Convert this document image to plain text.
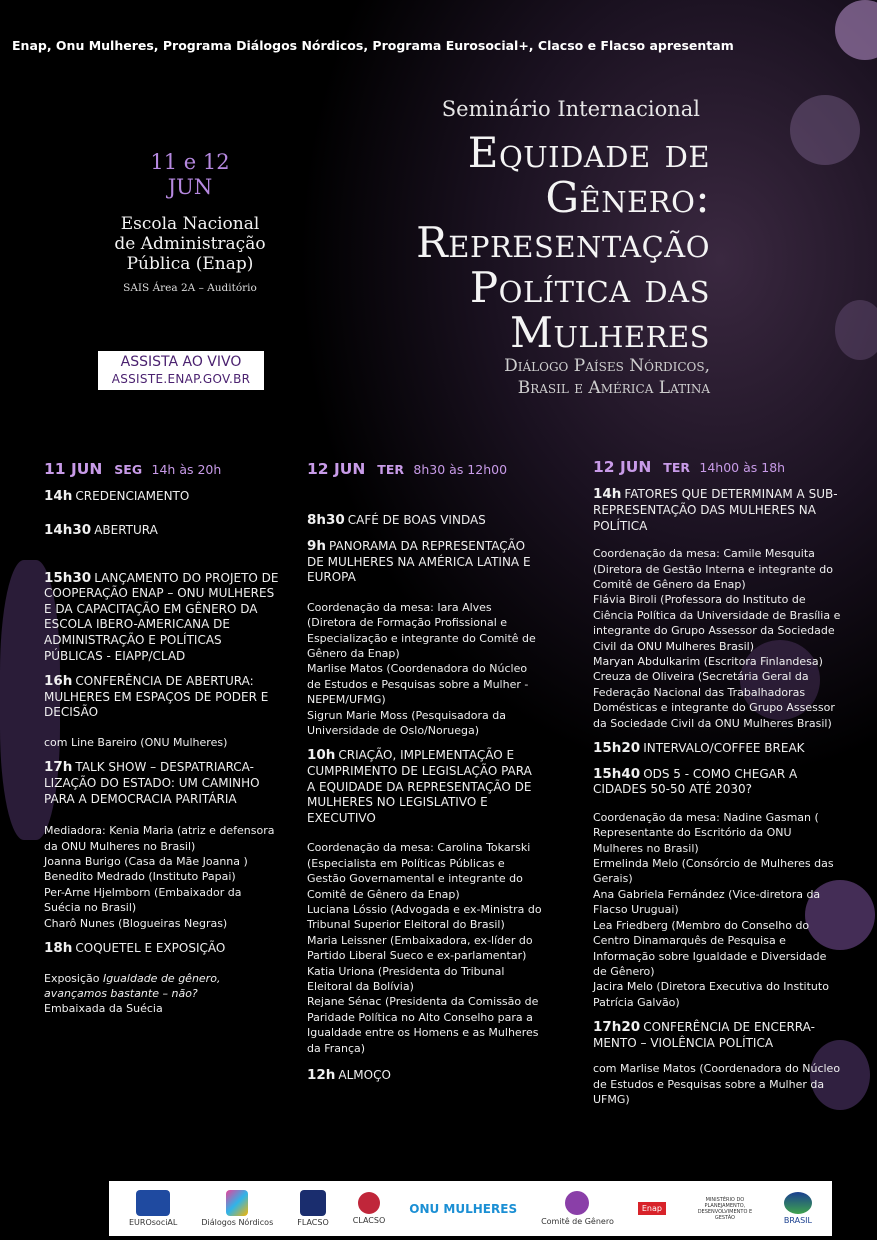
Enap, Onu Mulheres, Programa Diálogos Nórdicos, Programa Eurosocial+, Clacso e Flacso apresentam
11 e 12
JUN
Escola Nacional
de Administração
Pública (Enap)
SAIS Área 2A – Auditório
ASSISTA AO VIVO
ASSISTE.ENAP.GOV.BR
Seminário Internacional
Equidade de
Gênero:
Representação
Política das
Mulheres
Diálogo Países Nórdicos,
Brasil e América Latina
11 JUN SEG 14h às 20h
14h CREDENCIAMENTO
14h30 ABERTURA
15h30 LANÇAMENTO DO PROJETO DE COOPERAÇÃO ENAP – ONU MULHERES E DA CAPACITAÇÃO EM GÊNERO DA ESCOLA IBERO-AMERICANA DE ADMINISTRAÇÃO E POLÍTICAS PÚBLICAS - EIAPP/CLAD
16h CONFERÊNCIA DE ABERTURA: MULHERES EM ESPAÇOS DE PODER E DECISÃO
com Line Bareiro (ONU Mulheres)
17h TALK SHOW – DESPATRIARCA-LIZAÇÃO DO ESTADO: UM CAMINHO PARA A DEMOCRACIA PARITÁRIA
Mediadora: Kenia Maria (atriz e defensora da ONU Mulheres no Brasil)
Joanna Burigo (Casa da Mãe Joanna )
Benedito Medrado (Instituto Papai)
Per-Arne Hjelmborn (Embaixador da Suécia no Brasil)
Charô Nunes (Blogueiras Negras)
18h COQUETEL E EXPOSIÇÃO
Exposição Igualdade de gênero, avançamos bastante – não?
Embaixada da Suécia
12 JUN TER 8h30 às 12h00
8h30 CAFÉ DE BOAS VINDAS
9h PANORAMA DA REPRESENTAÇÃO DE MULHERES NA AMÉRICA LATINA E EUROPA
Coordenação da mesa: Iara Alves (Diretora de Formação Profissional e Especialização e integrante do Comitê de Gênero da Enap)
Marlise Matos (Coordenadora do Núcleo de Estudos e Pesquisas sobre a Mulher - NEPEM/UFMG)
Sigrun Marie Moss (Pesquisadora da Universidade de Oslo/Noruega)
10h CRIAÇÃO, IMPLEMENTAÇÃO E CUMPRIMENTO DE LEGISLAÇÃO PARA A EQUIDADE DA REPRESENTAÇÃO DE MULHERES NO LEGISLATIVO E EXECUTIVO
Coordenação da mesa: Carolina Tokarski (Especialista em Políticas Públicas e Gestão Governamental e integrante do Comitê de Gênero da Enap)
Luciana Lóssio (Advogada e ex-Ministra do Tribunal Superior Eleitoral do Brasil)
Maria Leissner (Embaixadora, ex-líder do Partido Liberal Sueco e ex-parlamentar)
Katia Uriona (Presidenta do Tribunal Eleitoral da Bolívia)
Rejane Sénac (Presidenta da Comissão de Paridade Política no Alto Conselho para a Igualdade entre os Homens e as Mulheres da França)
12h ALMOÇO
12 JUN TER 14h00 às 18h
14h FATORES QUE DETERMINAM A SUB-REPRESENTAÇÃO DAS MULHERES NA POLÍTICA
Coordenação da mesa: Camile Mesquita (Diretora de Gestão Interna e integrante do Comitê de Gênero da Enap)
Flávia Biroli (Professora do Instituto de Ciência Política da Universidade de Brasília e integrante do Grupo Assessor da Sociedade Civil da ONU Mulheres Brasil)
Maryan Abdulkarim (Escritora Finlandesa)
Creuza de Oliveira (Secretária Geral da Federação Nacional das Trabalhadoras Domésticas e integrante do Grupo Assessor da Sociedade Civil da ONU Mulheres Brasil)
15h20 INTERVALO/COFFEE BREAK
15h40 ODS 5 - COMO CHEGAR A CIDADES 50-50 ATÉ 2030?
Coordenação da mesa: Nadine Gasman ( Representante do Escritório da ONU Mulheres no Brasil)
Ermelinda Melo (Consórcio de Mulheres das Gerais)
Ana Gabriela Fernández (Vice-diretora da Flacso Uruguai)
Lea Friedberg (Membro do Conselho do Centro Dinamarquês de Pesquisa e Informação sobre Igualdade e Diversidade de Gênero)
Jacira Melo (Diretora Executiva do Instituto Patrícia Galvão)
17h20 CONFERÊNCIA DE ENCERRA-MENTO – VIOLÊNCIA POLÍTICA
com Marlise Matos (Coordenadora do Núcleo de Estudos e Pesquisas sobre a Mulher da UFMG)
EUROsociAL	Diálogos Nórdicos	FLACSO	CLACSO
ONU MULHERES
Comitê de Gênero
Enap
MINISTÉRIO DO PLANEJAMENTO, DESENVOLVIMENTO E GESTÃO	BRASIL
